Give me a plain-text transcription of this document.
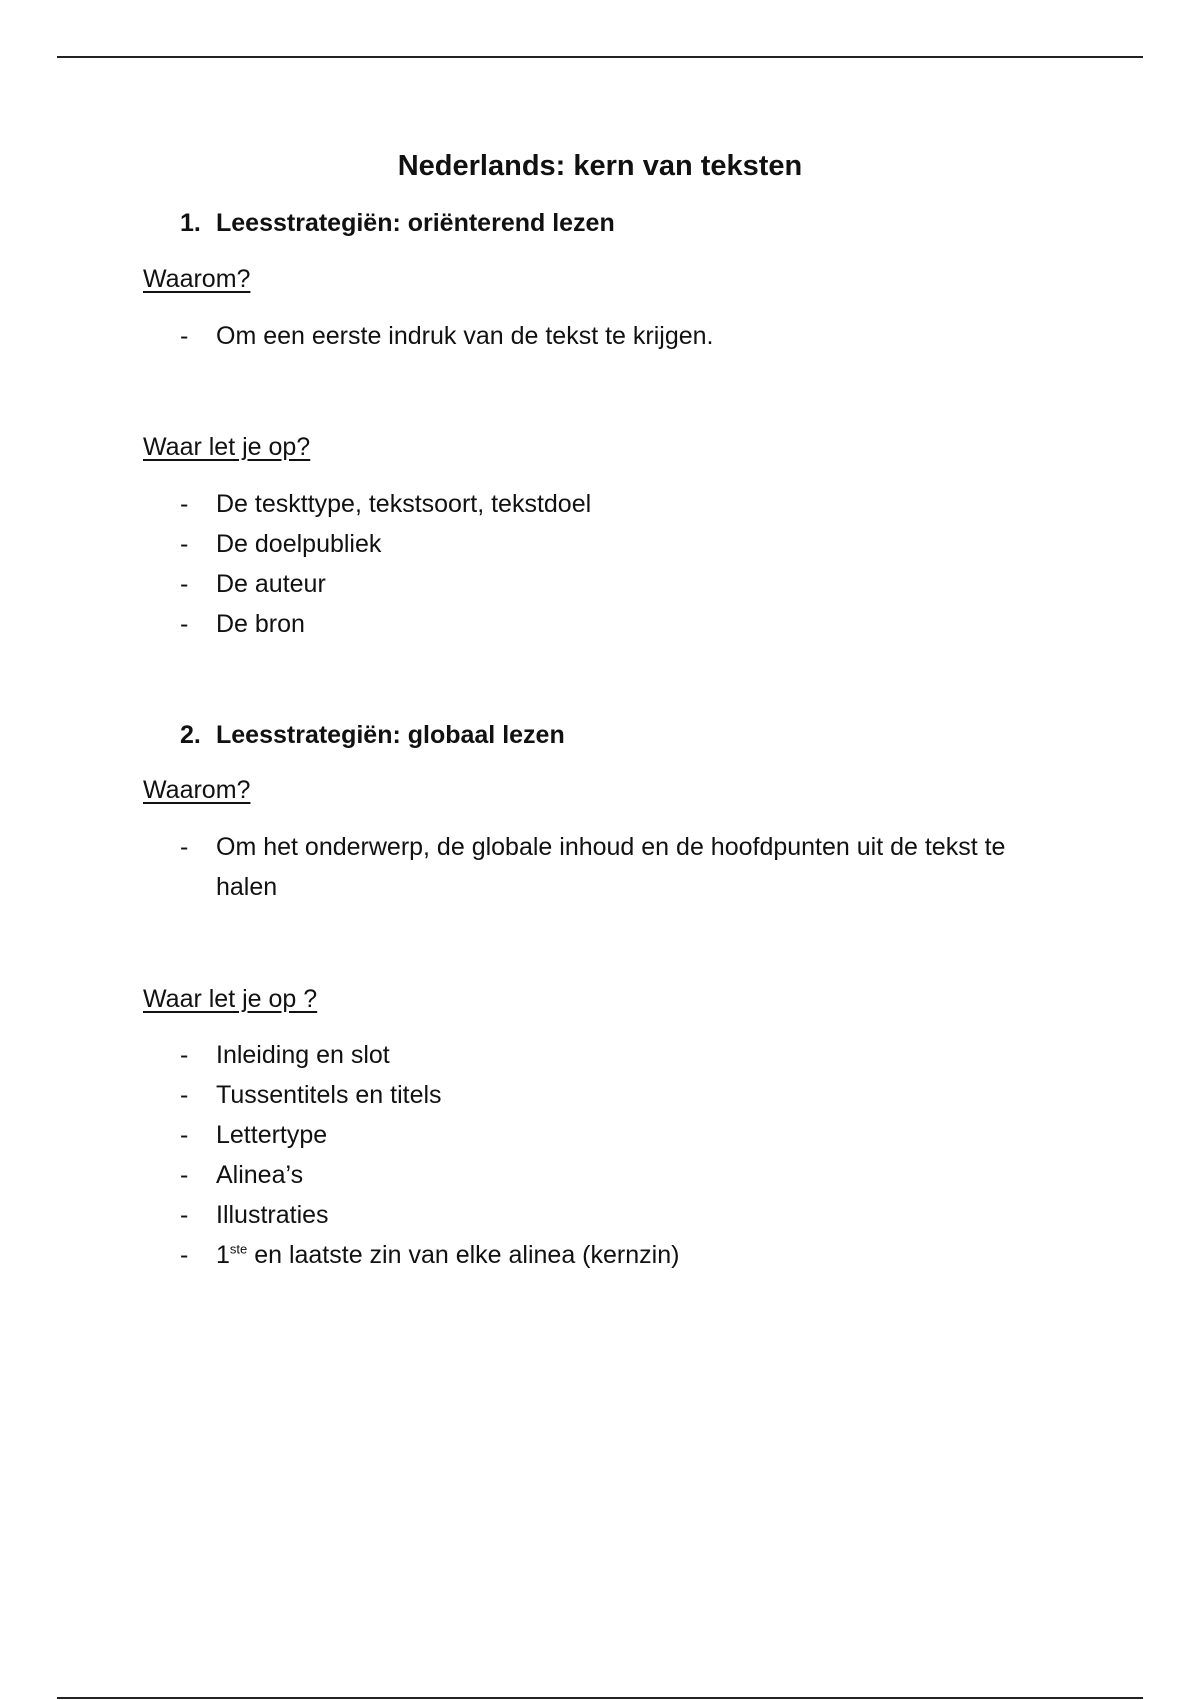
Nederlands: kern van teksten
1. Leesstrategiën: oriënterend lezen

Waarom?

- Om een eerste indruk van de tekst te krijgen.

Waar let je op?

- De teskttype, tekstsoort, tekstdoel
- De doelpubliek
- De auteur
- De bron
2. Leesstrategiën: globaal lezen

Waarom?

- Om het onderwerp, de globale inhoud en de hoofdpunten uit de tekst te halen

Waar let je op ?

- Inleiding en slot
- Tussentitels en titels
- Lettertype
- Alinea’s
- Illustraties
- 1ste en laatste zin van elke alinea (kernzin)
